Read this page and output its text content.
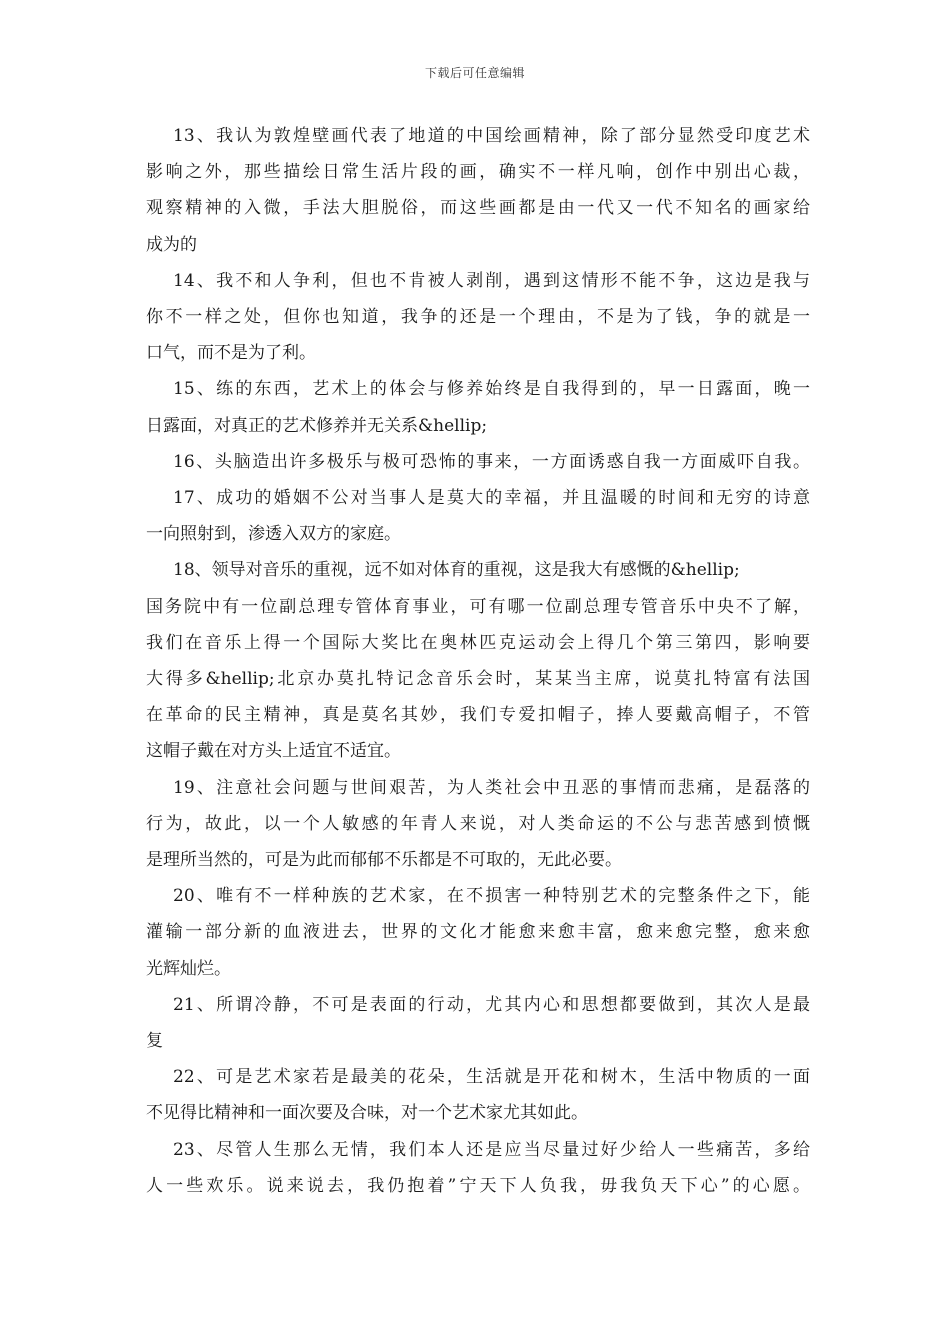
下载后可任意编辑
13、我认为敦煌壁画代表了地道的中国绘画精神，除了部分显然受印度艺术
影响之外，那些描绘日常生活片段的画，确实不一样凡响，创作中别出心裁，
观察精神的入微，手法大胆脱俗，而这些画都是由一代又一代不知名的画家给
成为的
14、我不和人争利，但也不肯被人剥削，遇到这情形不能不争，这边是我与
你不一样之处，但你也知道，我争的还是一个理由，不是为了钱，争的就是一
口气，而不是为了利。
15、练的东西，艺术上的体会与修养始终是自我得到的，早一日露面，晚一
日露面，对真正的艺术修养并无关系&hellip;
16、头脑造出许多极乐与极可恐怖的事来，一方面诱惑自我一方面威吓自我。
17、成功的婚姻不公对当事人是莫大的幸福，并且温暖的时间和无穷的诗意
一向照射到，渗透入双方的家庭。
18、领导对音乐的重视，远不如对体育的重视，这是我大有感慨的&hellip;
国务院中有一位副总理专管体育事业，可有哪一位副总理专管音乐中央不了解，
我们在音乐上得一个国际大奖比在奥林匹克运动会上得几个第三第四，影响要
大得多&hellip;北京办莫扎特记念音乐会时，某某当主席，说莫扎特富有法国
在革命的民主精神，真是莫名其妙，我们专爱扣帽子，捧人要戴高帽子，不管
这帽子戴在对方头上适宜不适宜。
19、注意社会问题与世间艰苦，为人类社会中丑恶的事情而悲痛，是磊落的
行为，故此，以一个人敏感的年青人来说，对人类命运的不公与悲苦感到愤慨
是理所当然的，可是为此而郁郁不乐都是不可取的，无此必要。
20、唯有不一样种族的艺术家，在不损害一种特别艺术的完整条件之下，能
灌输一部分新的血液进去，世界的文化才能愈来愈丰富，愈来愈完整，愈来愈
光辉灿烂。
21、所谓冷静，不可是表面的行动，尤其内心和思想都要做到，其次人是最
复
22、可是艺术家若是最美的花朵，生活就是开花和树木，生活中物质的一面
不见得比精神和一面次要及合味，对一个艺术家尤其如此。
23、尽管人生那么无情，我们本人还是应当尽量过好少给人一些痛苦，多给
人一些欢乐。说来说去，我仍抱着”宁天下人负我，毋我负天下心”的心愿。
